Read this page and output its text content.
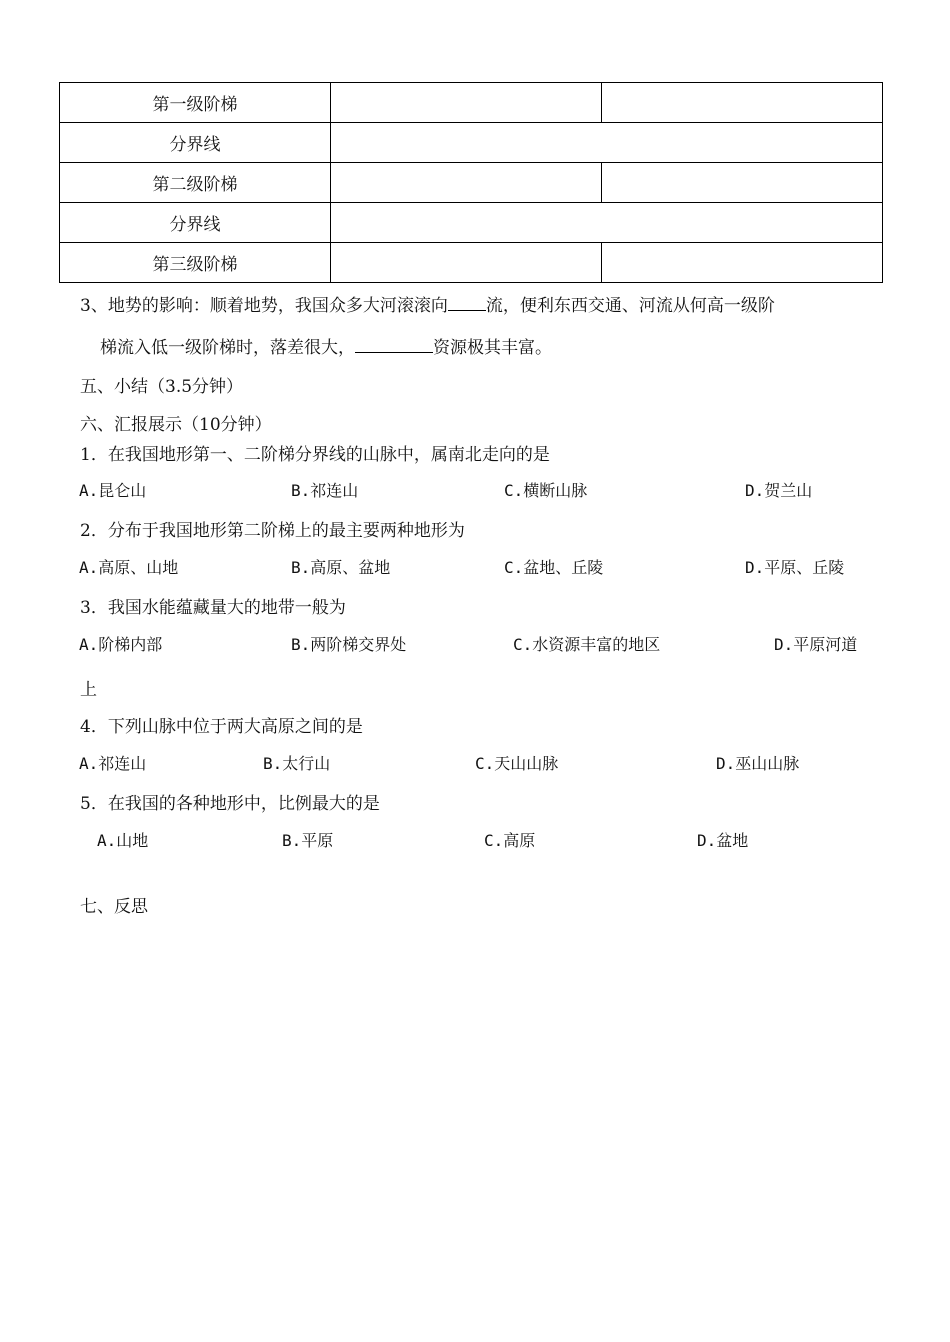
第一级阶梯		
分界线		
第二级阶梯		
分界线		
第三级阶梯		
3、地势的影响：顺着地势，我国众多大河滚滚向 流，便利东西交通、河流从何高一级阶
梯流入低一级阶梯时，落差很大，	资源极其丰富。
五、小结（3.5分钟）
六、汇报展示（10分钟）
1．在我国地形第一、二阶梯分界线的山脉中，属南北走向的是
A.昆仑山	B.祁连山	C.横断山脉	D.贺兰山
2．分布于我国地形第二阶梯上的最主要两种地形为
A.高原、山地	B.高原、盆地	C.盆地、丘陵	D.平原、丘陵
3．我国水能蕴藏量大的地带一般为
A.阶梯内部	B.两阶梯交界处	C.水资源丰富的地区	D.平原河道
上
4．下列山脉中位于两大高原之间的是
A.祁连山	B.太行山	C.天山山脉	D.巫山山脉
5．在我国的各种地形中，比例最大的是
A.山地	B.平原	C.高原	D.盆地
七、反思
